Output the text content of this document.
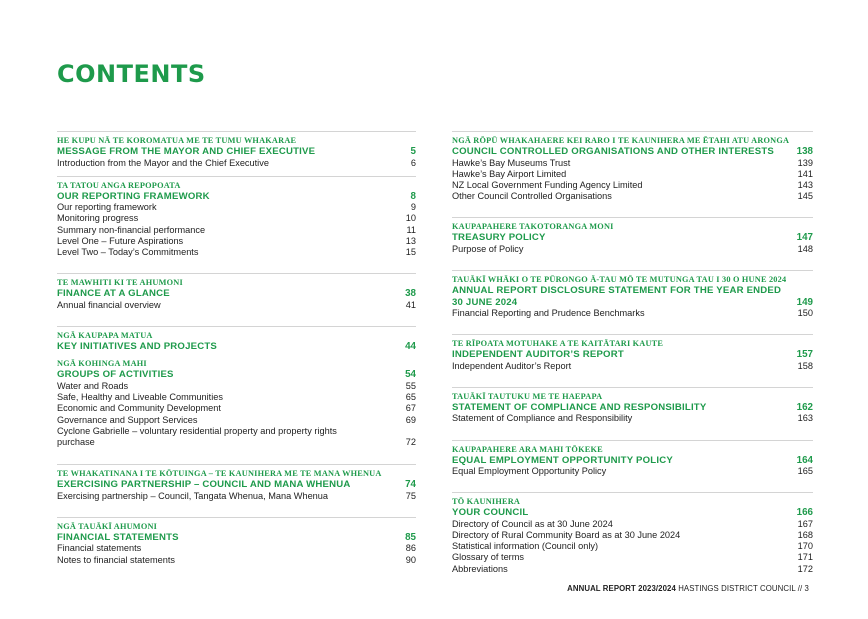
CONTENTS
HE KUPU NĀ TE KOROMATUA ME TE TUMU WHAKARAE
MESSAGE FROM THE MAYOR AND CHIEF EXECUTIVE	5
Introduction from the Mayor and the Chief Executive	6
TA TATOU ANGA REPOPOATA
OUR REPORTING FRAMEWORK	8
Our reporting framework	9
Monitoring progress	10
Summary non-financial performance	11
Level One – Future Aspirations	13
Level Two – Today’s Commitments	15
TE MAWHITI KI TE AHUMONI
FINANCE AT A GLANCE	38
Annual financial overview	41
NGĀ KAUPAPA MATUA
KEY INITIATIVES AND PROJECTS	44
NGĀ KOHINGA MAHI
GROUPS OF ACTIVITIES	54
Water and Roads	55
Safe, Healthy and Liveable Communities	65
Economic and Community Development	67
Governance and Support Services	69
Cyclone Gabrielle – voluntary residential property and property rights purchase	72
TE WHAKATINANA I TE KŌTUINGA – TE KAUNIHERA ME TE MANA WHENUA
EXERCISING PARTNERSHIP – COUNCIL AND MANA WHENUA	74
Exercising partnership – Council, Tangata Whenua, Mana Whenua	75
NGĀ TAUĀKĪ AHUMONI
FINANCIAL STATEMENTS	85
Financial statements	86
Notes to financial statements	90
NGĀ RŌPŪ WHAKAHAERE KEI RARO I TE KAUNIHERA ME ĒTAHI ATU ARONGA
COUNCIL CONTROLLED ORGANISATIONS AND OTHER INTERESTS	138
Hawke’s Bay Museums Trust	139
Hawke’s Bay Airport Limited	141
NZ Local Government Funding Agency Limited	143
Other Council Controlled Organisations	145
KAUPAPAHERE TAKOTORANGA MONI
TREASURY POLICY	147
Purpose of Policy	148
TAUĀKĪ WHĀKI O TE PŪRONGO Ā-TAU MŌ TE MUTUNGA TAU I 30 O HUNE 2024
ANNUAL REPORT DISCLOSURE STATEMENT FOR THE YEAR ENDED 30 JUNE 2024	149
Financial Reporting and Prudence Benchmarks	150
TE RĪPOATA MOTUHAKE A TE KAITĀTARI KAUTE
INDEPENDENT AUDITOR’S REPORT	157
Independent Auditor’s Report	158
TAUĀKĪ TAUTUKU ME TE HAEPAPA
STATEMENT OF COMPLIANCE AND RESPONSIBILITY	162
Statement of Compliance and Responsibility	163
KAUPAPAHERE ARA MAHI TŌKEKE
EQUAL EMPLOYMENT OPPORTUNITY POLICY	164
Equal Employment Opportunity Policy	165
TŌ KAUNIHERA
YOUR COUNCIL	166
Directory of Council as at 30 June 2024	167
Directory of Rural Community Board as at 30 June 2024	168
Statistical information (Council only)	170
Glossary of terms	171
Abbreviations	172
ANNUAL REPORT 2023/2024 HASTINGS DISTRICT COUNCIL // 3
